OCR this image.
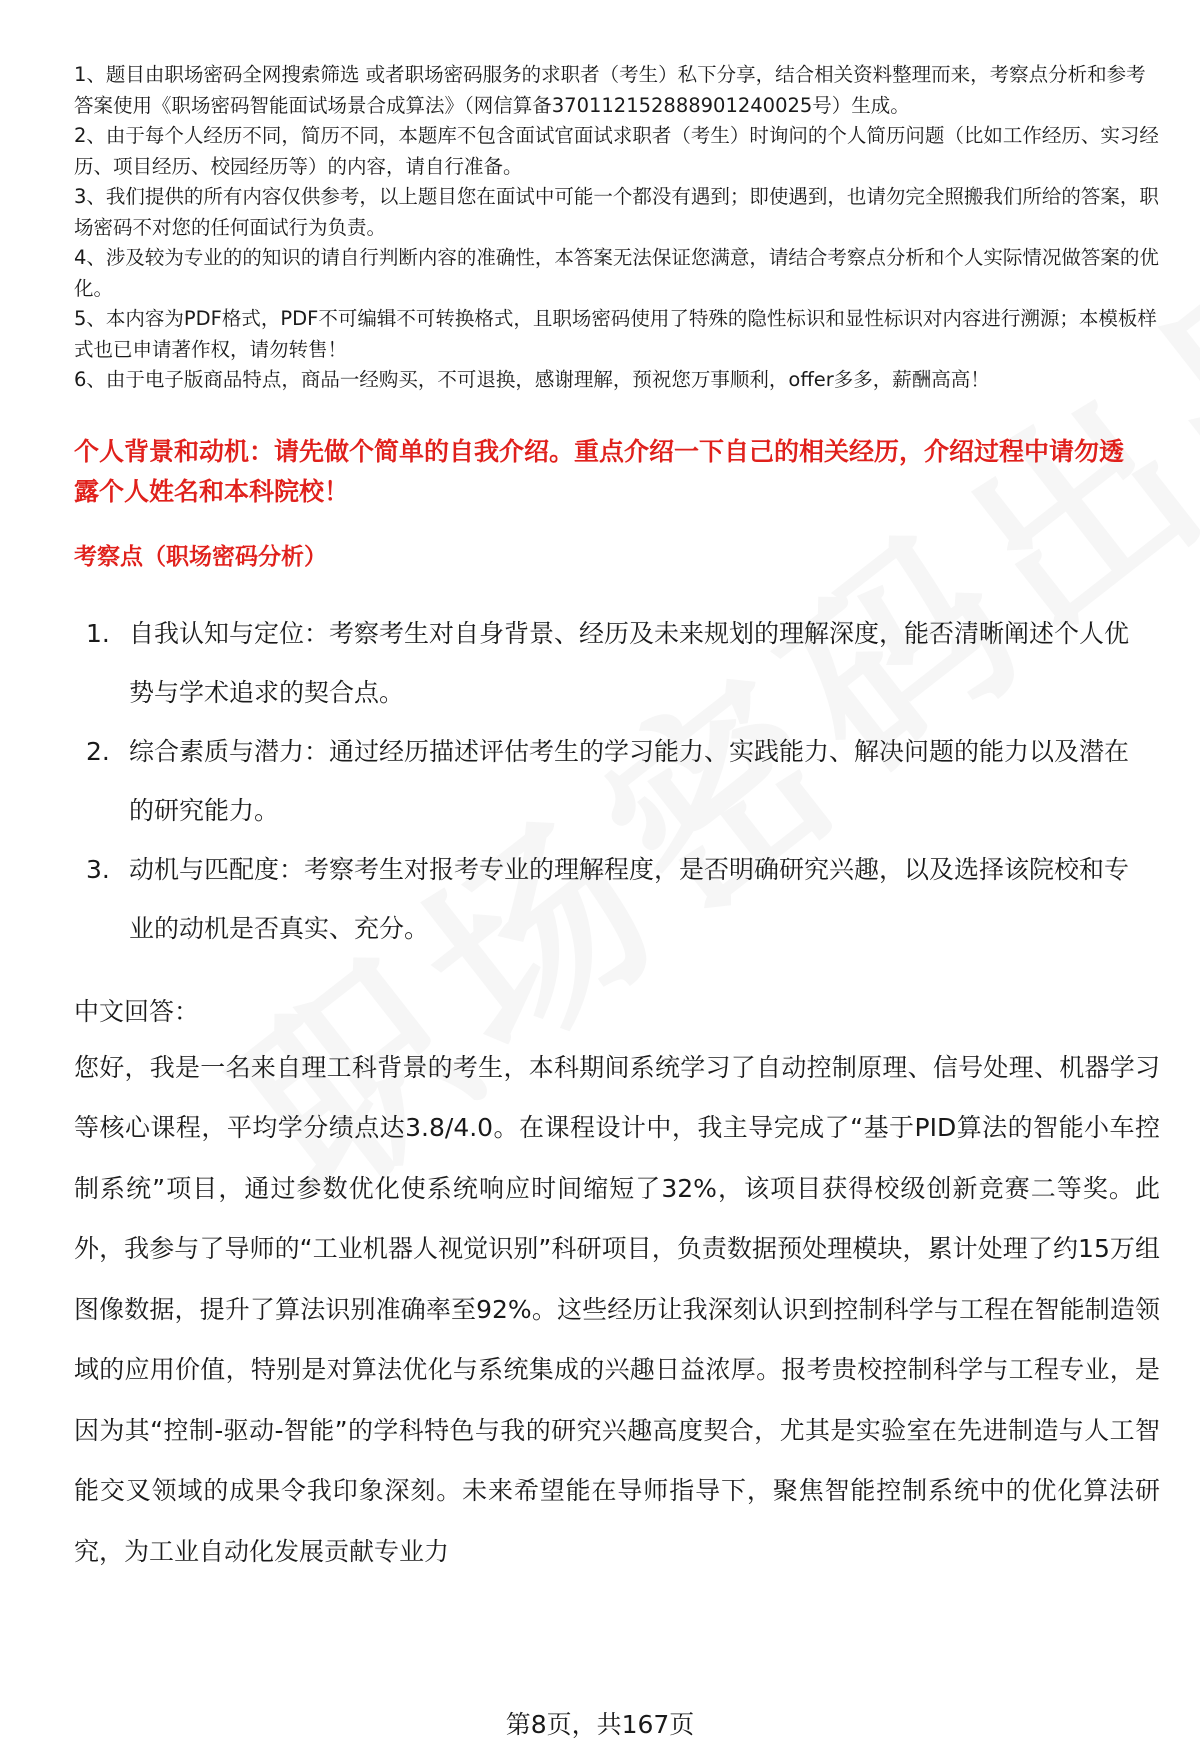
1、题目由职场密码全网搜索筛选 或者职场密码服务的求职者（考生）私下分享，结合相关资料整理而来，考察点分析和参考答案使用《职场密码智能面试场景合成算法》（网信算备370112152888901240025号）生成。

2、由于每个人经历不同，简历不同，本题库不包含面试官面试求职者（考生）时询问的个人简历问题（比如工作经历、实习经历、项目经历、校园经历等）的内容，请自行准备。

3、我们提供的所有内容仅供参考，以上题目您在面试中可能一个都没有遇到；即使遇到，也请勿完全照搬我们所给的答案，职场密码不对您的任何面试行为负责。

4、涉及较为专业的的知识的请自行判断内容的准确性，本答案无法保证您满意，请结合考察点分析和个人实际情况做答案的优化。

5、本内容为PDF格式，PDF不可编辑不可转换格式，且职场密码使用了特殊的隐性标识和显性标识对内容进行溯源；本模板样式也已申请著作权，请勿转售！

6、由于电子版商品特点，商品一经购买，不可退换，感谢理解，预祝您万事顺利，offer多多，薪酬高高！

个人背景和动机：请先做个简单的自我介绍。重点介绍一下自己的相关经历，介绍过程中请勿透露个人姓名和本科院校！
考察点（职场密码分析）
1. 自我认知与定位：考察考生对自身背景、经历及未来规划的理解深度，能否清晰阐述个人优势与学术追求的契合点。
2. 综合素质与潜力：通过经历描述评估考生的学习能力、实践能力、解决问题的能力以及潜在的研究能力。
3. 动机与匹配度：考察考生对报考专业的理解程度，是否明确研究兴趣，以及选择该院校和专业的动机是否真实、充分。
中文回答：
您好，我是一名来自理工科背景的考生，本科期间系统学习了自动控制原理、信号处理、机器学习等核心课程，平均学分绩点达3.8/4.0。在课程设计中，我主导完成了“基于PID算法的智能小车控制系统”项目，通过参数优化使系统响应时间缩短了32%，该项目获得校级创新竞赛二等奖。此外，我参与了导师的“工业机器人视觉识别”科研项目，负责数据预处理模块，累计处理了约15万组图像数据，提升了算法识别准确率至92%。这些经历让我深刻认识到控制科学与工程在智能制造领域的应用价值，特别是对算法优化与系统集成的兴趣日益浓厚。报考贵校控制科学与工程专业，是因为其“控制-驱动-智能”的学科特色与我的研究兴趣高度契合，尤其是实验室在先进制造与人工智能交叉领域的成果令我印象深刻。未来希望能在导师指导下，聚焦智能控制系统中的优化算法研究，为工业自动化发展贡献专业力
第8页，共167页
